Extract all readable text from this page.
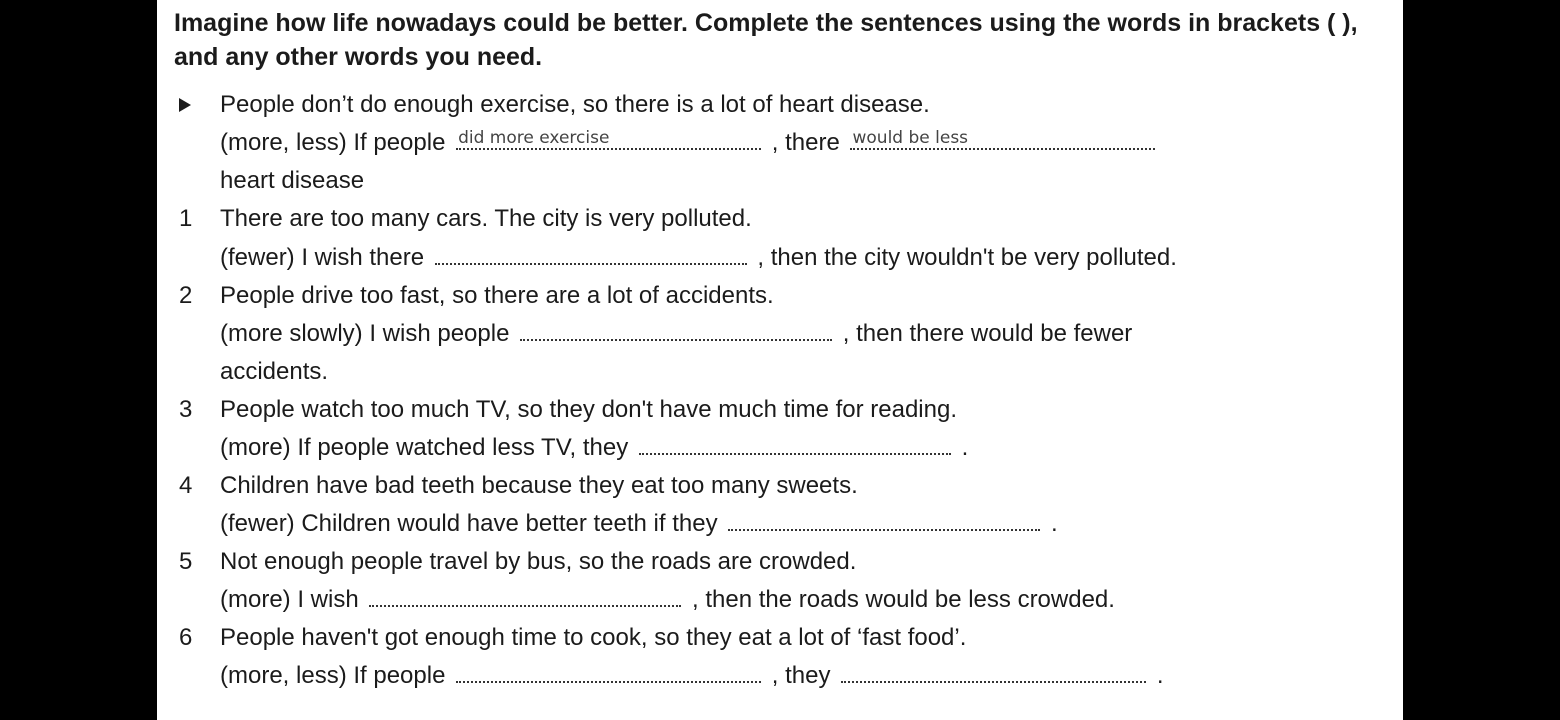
Imagine how life nowadays could be better. Complete the sentences using the words in brackets ( ), and any other words you need.

People don’t do enough exercise, so there is a lot of heart disease.
(more, less) If people did more exercise	, there would be less
heart disease
1 There are too many cars. The city is very polluted.
(fewer) I wish there	, then the city wouldn't be very polluted.
2 People drive too fast, so there are a lot of accidents.
(more slowly) I wish people	, then there would be fewer
accidents.
3 People watch too much TV, so they don't have much time for reading.
(more) If people watched less TV, they	.
4 Children have bad teeth because they eat too many sweets.
(fewer) Children would have better teeth if they	.
5 Not enough people travel by bus, so the roads are crowded.
(more) I wish	, then the roads would be less crowded.
6 People haven't got enough time to cook, so they eat a lot of ‘fast food’.
(more, less) If people	, they	.
